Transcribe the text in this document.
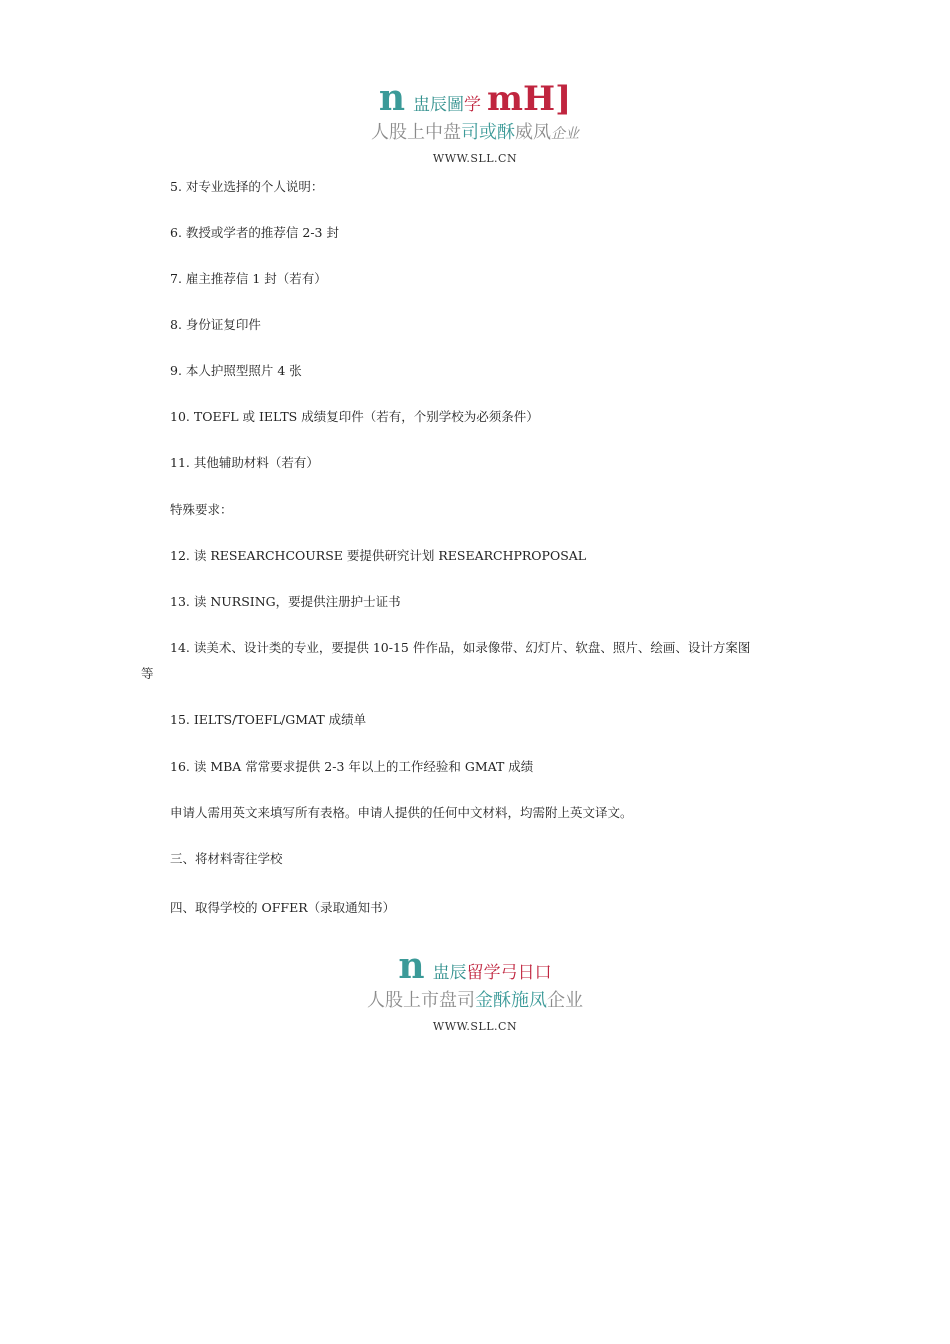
n 盅辰 圖 学 mH]
人股上中盘司或酥威凤企业
WWW.SLL.CN
5. 对专业选择的个人说明：
6. 教授或学者的推荐信 2-3 封
7. 雇主推荐信 1 封（若有）
8. 身份证复印件
9. 本人护照型照片 4 张
10. TOEFL 或 IELTS 成绩复印件（若有，个别学校为必须条件）
11. 其他辅助材料（若有）
特殊要求：
12. 读 RESEARCHCOURSE 要提供研究计划 RESEARCHPROPOSAL
13. 读 NURSING，要提供注册护士证书
14. 读美术、设计类的专业，要提供 10-15 件作品，如录像带、幻灯片、软盘、照片、绘画、设计方案图
等
15. IELTS/TOEFL/GMAT 成绩单
16. 读 MBA 常常要求提供 2-3 年以上的工作经验和 GMAT 成绩
申请人需用英文来填写所有表格。申请人提供的任何中文材料，均需附上英文译文。
三、将材料寄往学校
四、取得学校的 OFFER（录取通知书）
n 盅辰 留学 弓日口
人股上市盘司金酥施凤企业
WWW.SLL.CN
